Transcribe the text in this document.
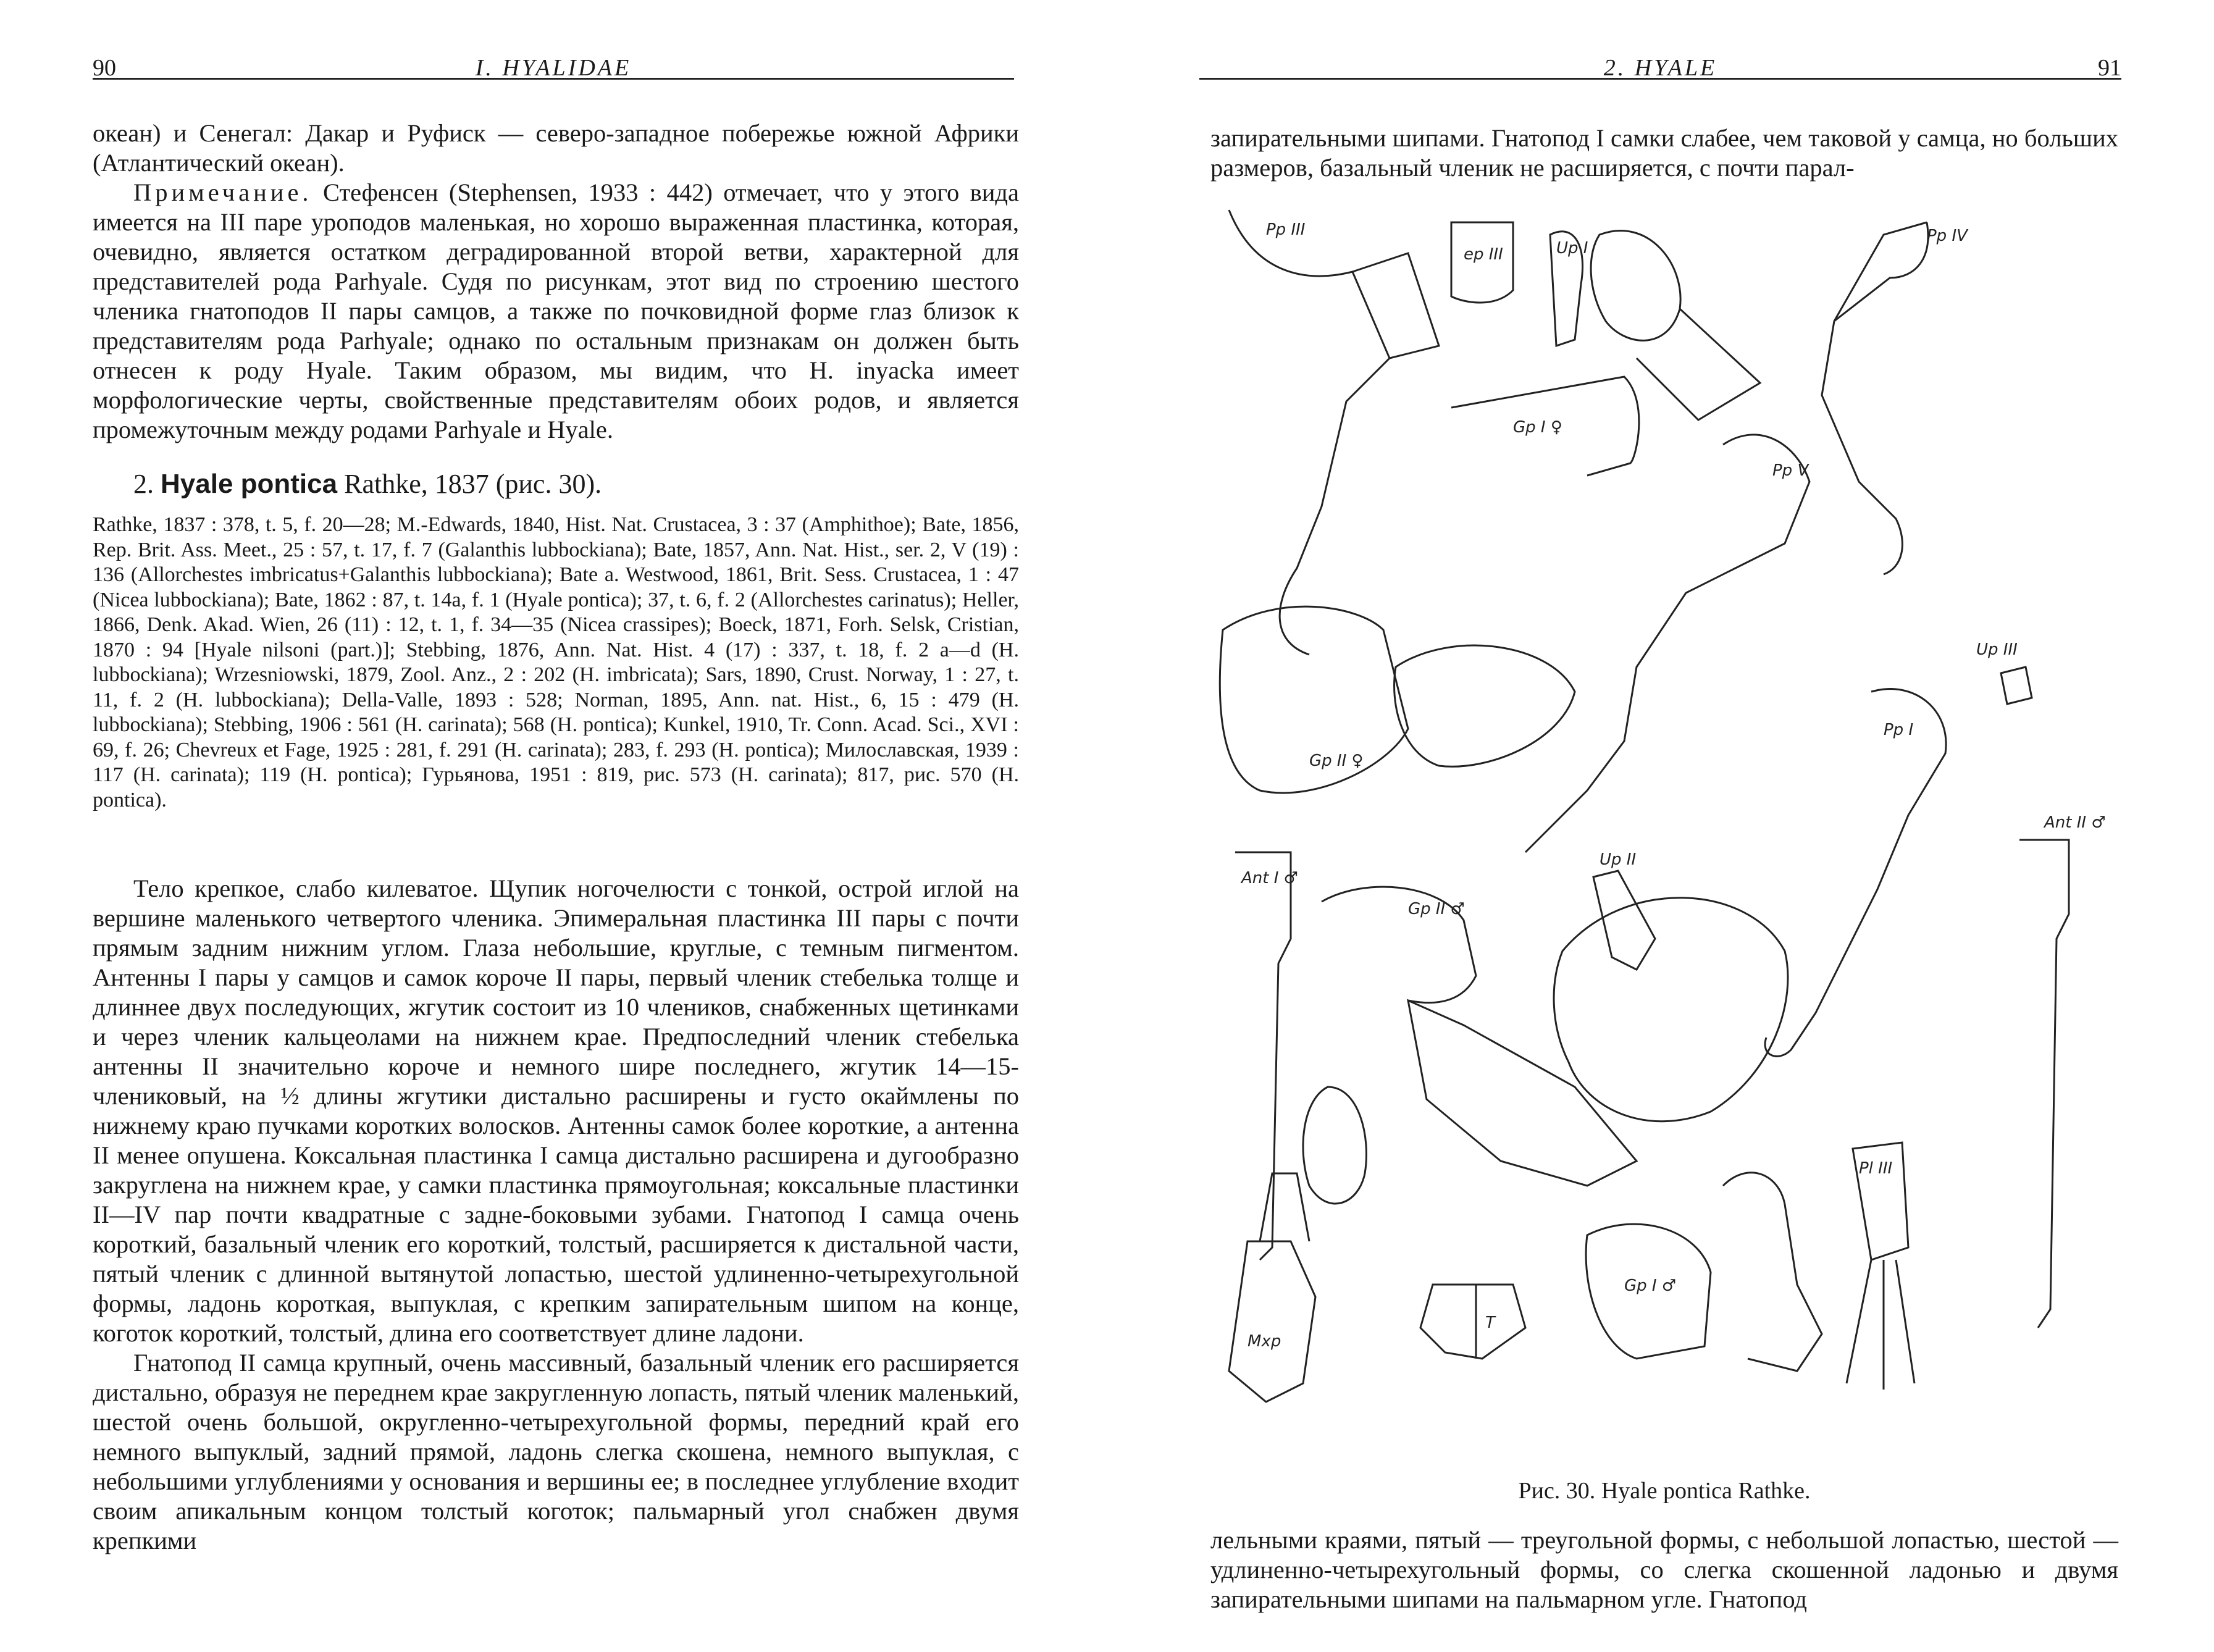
90	I. HYALIDAE

океан) и Сенегал: Дакар и Руфиск — северо-западное побережье южной Африки (Атлантический океан).

Примечание. Стефенсен (Stephensen, 1933 : 442) отмечает, что у этого вида имеется на III паре уроподов маленькая, но хорошо выраженная пластинка, которая, очевидно, является остатком деградированной второй ветви, характерной для представителей рода Parhyale. Судя по рисункам, этот вид по строению шестого членика гнатоподов II пары самцов, а также по почковидной форме глаз близок к представителям рода Parhyale; однако по остальным признакам он должен быть отнесен к роду Hyale. Таким образом, мы видим, что H. inyacka имеет морфологические черты, свойственные представителям обоих родов, и является промежуточным между родами Parhyale и Hyale.

2. Hyale pontica Rathke, 1837 (рис. 30).

Rathke, 1837 : 378, t. 5, f. 20—28; M.-Edwards, 1840, Hist. Nat. Crustacea, 3 : 37 (Amphithoe); Bate, 1856, Rep. Brit. Ass. Meet., 25 : 57, t. 17, f. 7 (Galanthis lubbockiana); Bate, 1857, Ann. Nat. Hist., ser. 2, V (19) : 136 (Allorchestes imbricatus+Galanthis lubbockiana); Bate a. Westwood, 1861, Brit. Sess. Crustacea, 1 : 47 (Nicea lubbockiana); Bate, 1862 : 87, t. 14a, f. 1 (Hyale pontica); 37, t. 6, f. 2 (Allorchestes carinatus); Heller, 1866, Denk. Akad. Wien, 26 (11) : 12, t. 1, f. 34—35 (Nicea crassipes); Boeck, 1871, Forh. Selsk, Cristian, 1870 : 94 [Hyale nilsoni (part.)]; Stebbing, 1876, Ann. Nat. Hist. 4 (17) : 337, t. 18, f. 2 a—d (H. lubbockiana); Wrzesniowski, 1879, Zool. Anz., 2 : 202 (H. imbricata); Sars, 1890, Crust. Norway, 1 : 27, t. 11, f. 2 (H. lubbockiana); Della-Valle, 1893 : 528; Norman, 1895, Ann. nat. Hist., 6, 15 : 479 (H. lubbockiana); Stebbing, 1906 : 561 (H. carinata); 568 (H. pontica); Kunkel, 1910, Tr. Conn. Acad. Sci., XVI : 69, f. 26; Chevreux et Fage, 1925 : 281, f. 291 (H. carinata); 283, f. 293 (H. pontica); Милославская, 1939 : 117 (H. carinata); 119 (H. pontica); Гурьянова, 1951 : 819, рис. 573 (H. carinata); 817, рис. 570 (H. pontica).

Тело крепкое, слабо килеватое. Щупик ногочелюсти с тонкой, острой иглой на вершине маленького четвертого членика. Эпимеральная пластинка III пары с почти прямым задним нижним углом. Глаза небольшие, круглые, с темным пигментом. Антенны I пары у самцов и самок короче II пары, первый членик стебелька толще и длиннее двух последующих, жгутик состоит из 10 члеников, снабженных щетинками и через членик кальцеолами на нижнем крае. Предпоследний членик стебелька антенны II значительно короче и немного шире последнего, жгутик 14—15-члениковый, на ½ длины жгутики дистально расширены и густо окаймлены по нижнему краю пучками коротких волосков. Антенны самок более короткие, а антенна II менее опушена. Коксальная пластинка I самца дистально расширена и дугообразно закруглена на нижнем крае, у самки пластинка прямоугольная; коксальные пластинки II—IV пар почти квадратные с задне-боковыми зубами. Гнатопод I самца очень короткий, базальный членик его короткий, толстый, расширяется к дистальной части, пятый членик с длинной вытянутой лопастью, шестой удлиненно-четырехугольной формы, ладонь короткая, выпуклая, с крепким запирательным шипом на конце, коготок короткий, толстый, длина его соответствует длине ладони.

Гнатопод II самца крупный, очень массивный, базальный членик его расширяется дистально, образуя не переднем крае закругленную лопасть, пятый членик маленький, шестой очень большой, округленно-четырехугольной формы, передний край его немного выпуклый, задний прямой, ладонь слегка скошена, немного выпуклая, с небольшими углублениями у основания и вершины ее; в последнее углубление входит своим апикальным концом толстый коготок; пальмарный угол снабжен двумя крепкими

2. HYALE	91

запирательными шипами. Гнатопод I самки слабее, чем таковой у самца, но больших размеров, базальный членик не расширяется, с почти парал-

Pp III
ep III	Up I
Pp IV
Gp I ♀
Pp V
Up III
Gp II ♀
Pp I
Up II
Ant II ♂
Ant I ♂
Gp II ♂
Pl III
Gp I ♂
T
Mxp
Рис. 30. Hyale pontica Rathke.

лельными краями, пятый — треугольной формы, с небольшой лопастью, шестой — удлиненно-четырехугольный формы, со слегка скошенной ладонью и двумя запирательными шипами на пальмарном угле. Гнатопод
